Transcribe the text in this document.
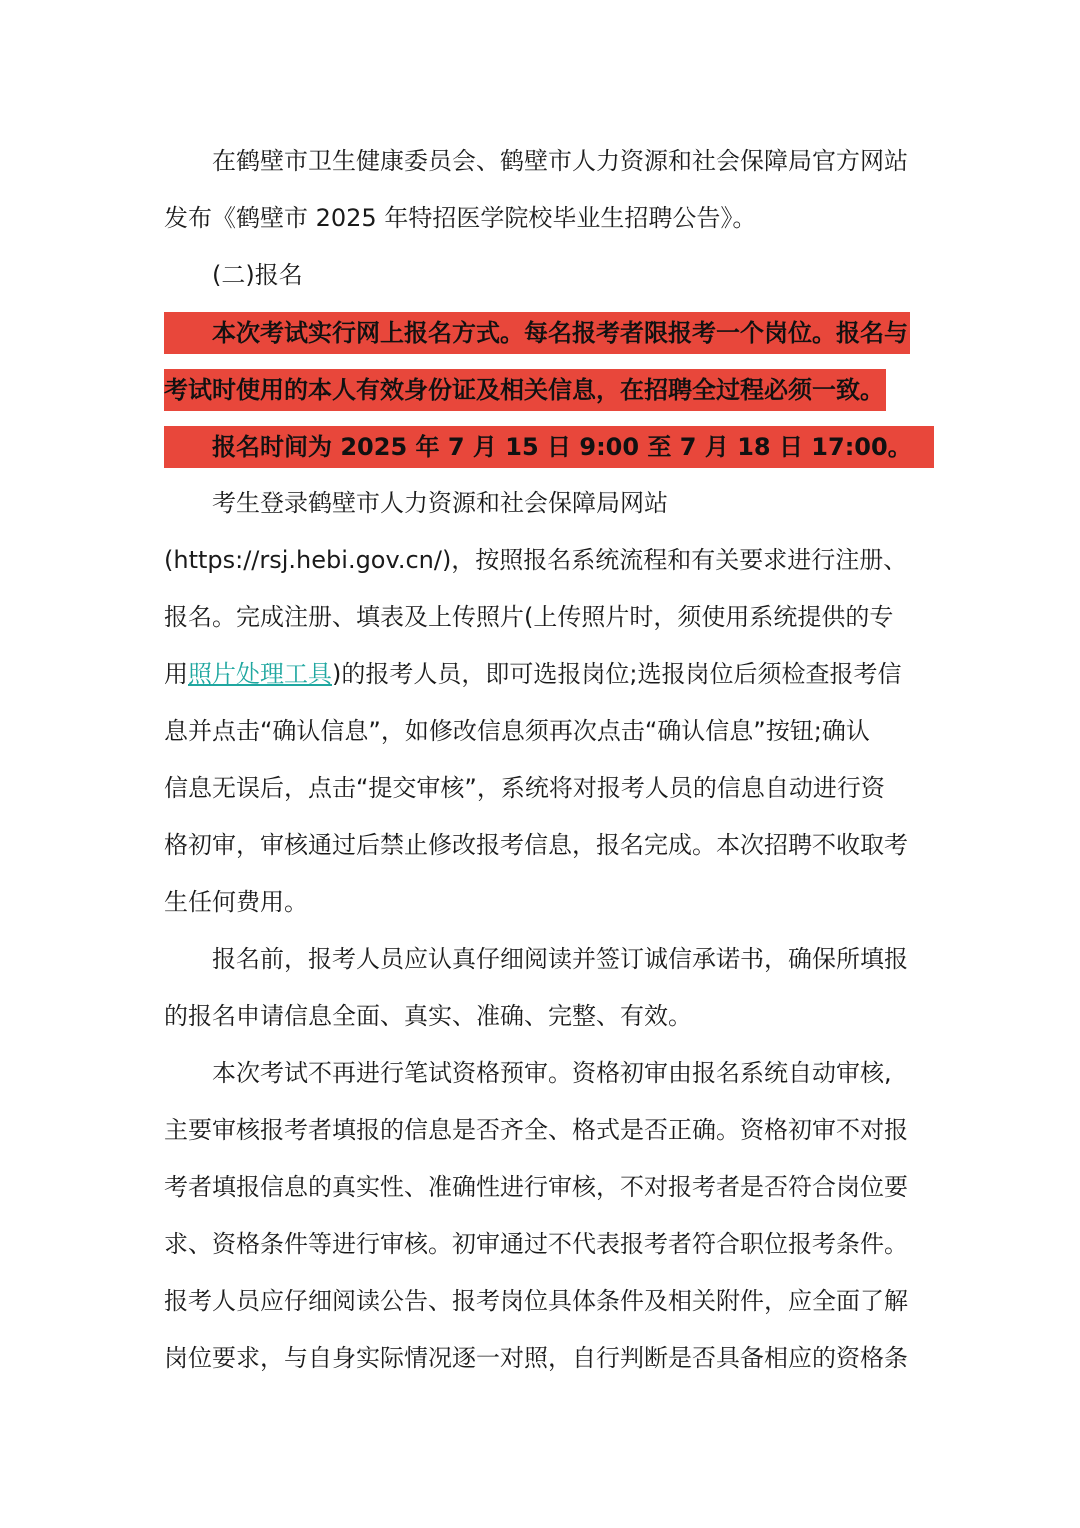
在鹤壁市卫生健康委员会、鹤壁市人力资源和社会保障局官方网站
发布《鹤壁市 2025 年特招医学院校毕业生招聘公告》。
(二)报名
本次考试实行网上报名方式。每名报考者限报考一个岗位。报名与
考试时使用的本人有效身份证及相关信息，在招聘全过程必须一致。
报名时间为 2025 年 7 月 15 日 9:00 至 7 月 18 日 17:00。
考生登录鹤壁市人力资源和社会保障局网站
(https://rsj.hebi.gov.cn/)，按照报名系统流程和有关要求进行注册、
报名。完成注册、填表及上传照片(上传照片时，须使用系统提供的专
用照片处理工具)的报考人员，即可选报岗位;选报岗位后须检查报考信
息并点击“确认信息”，如修改信息须再次点击“确认信息”按钮;确认
信息无误后，点击“提交审核”，系统将对报考人员的信息自动进行资
格初审，审核通过后禁止修改报考信息，报名完成。本次招聘不收取考
生任何费用。
报名前，报考人员应认真仔细阅读并签订诚信承诺书，确保所填报
的报名申请信息全面、真实、准确、完整、有效。
本次考试不再进行笔试资格预审。资格初审由报名系统自动审核,
主要审核报考者填报的信息是否齐全、格式是否正确。资格初审不对报
考者填报信息的真实性、准确性进行审核，不对报考者是否符合岗位要
求、资格条件等进行审核。初审通过不代表报考者符合职位报考条件。
报考人员应仔细阅读公告、报考岗位具体条件及相关附件，应全面了解
岗位要求，与自身实际情况逐一对照，自行判断是否具备相应的资格条
